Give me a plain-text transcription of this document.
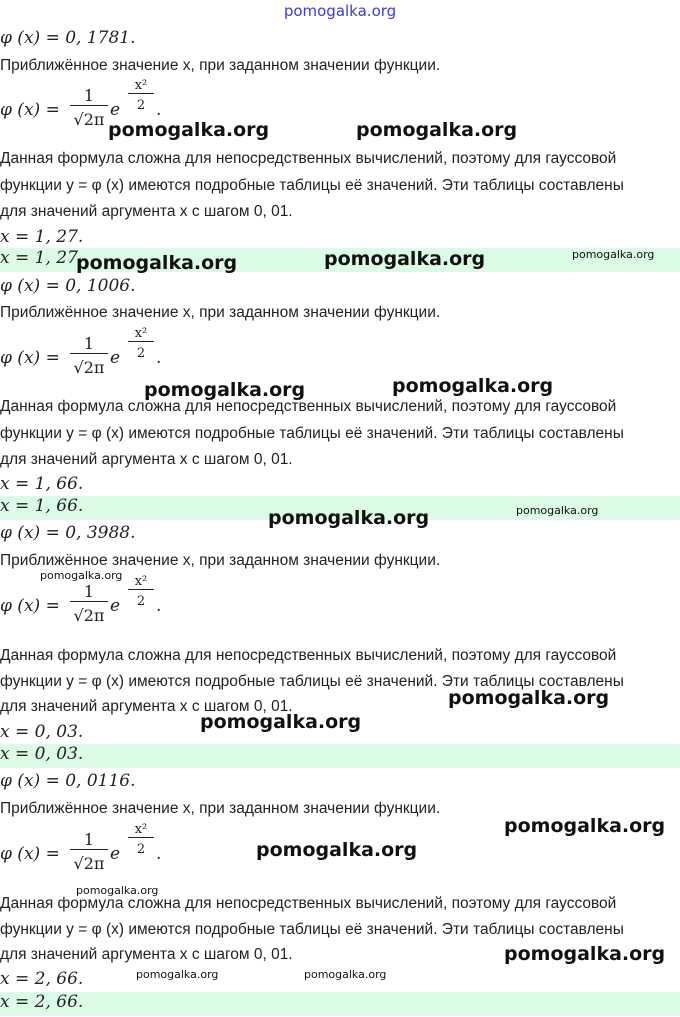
pomogalka.org
φ (x) = 0, 1781.
Приближённое значение x, при заданном значении функции.
φ (x) =
1
√2π e
x²
2 .
Данная формула сложна для непосредственных вычислений, поэтому для гауссовой
функции y = φ (x) имеются подробные таблицы её значений. Эти таблицы составлены
для значений аргумента x с шагом 0, 01.
x = 1, 27.
x = 1, 27.
φ (x) = 0, 1006.
Приближённое значение x, при заданном значении функции.
φ (x) =
1
√2π e
x²
2 .
Данная формула сложна для непосредственных вычислений, поэтому для гауссовой
функции y = φ (x) имеются подробные таблицы её значений. Эти таблицы составлены
для значений аргумента x с шагом 0, 01.
x = 1, 66.
x = 1, 66.
φ (x) = 0, 3988.
Приближённое значение x, при заданном значении функции.
φ (x) =
1
√2π e
x²
2 .
Данная формула сложна для непосредственных вычислений, поэтому для гауссовой
функции y = φ (x) имеются подробные таблицы её значений. Эти таблицы составлены
для значений аргумента x с шагом 0, 01.
x = 0, 03.
x = 0, 03.
φ (x) = 0, 0116.
Приближённое значение x, при заданном значении функции.
φ (x) =
1
√2π e
x²
2 .
Данная формула сложна для непосредственных вычислений, поэтому для гауссовой
функции y = φ (x) имеются подробные таблицы её значений. Эти таблицы составлены
для значений аргумента x с шагом 0, 01.
x = 2, 66.
x = 2, 66.
pomogalka.org	pomogalka.org
pomogalka.org	pomogalka.org	pomogalka.org
pomogalka.org	pomogalka.org
pomogalka.org	pomogalka.org
pomogalka.org
pomogalka.org
pomogalka.org
pomogalka.org
pomogalka.org
pomogalka.org
pomogalka.org
pomogalka.org	pomogalka.org
